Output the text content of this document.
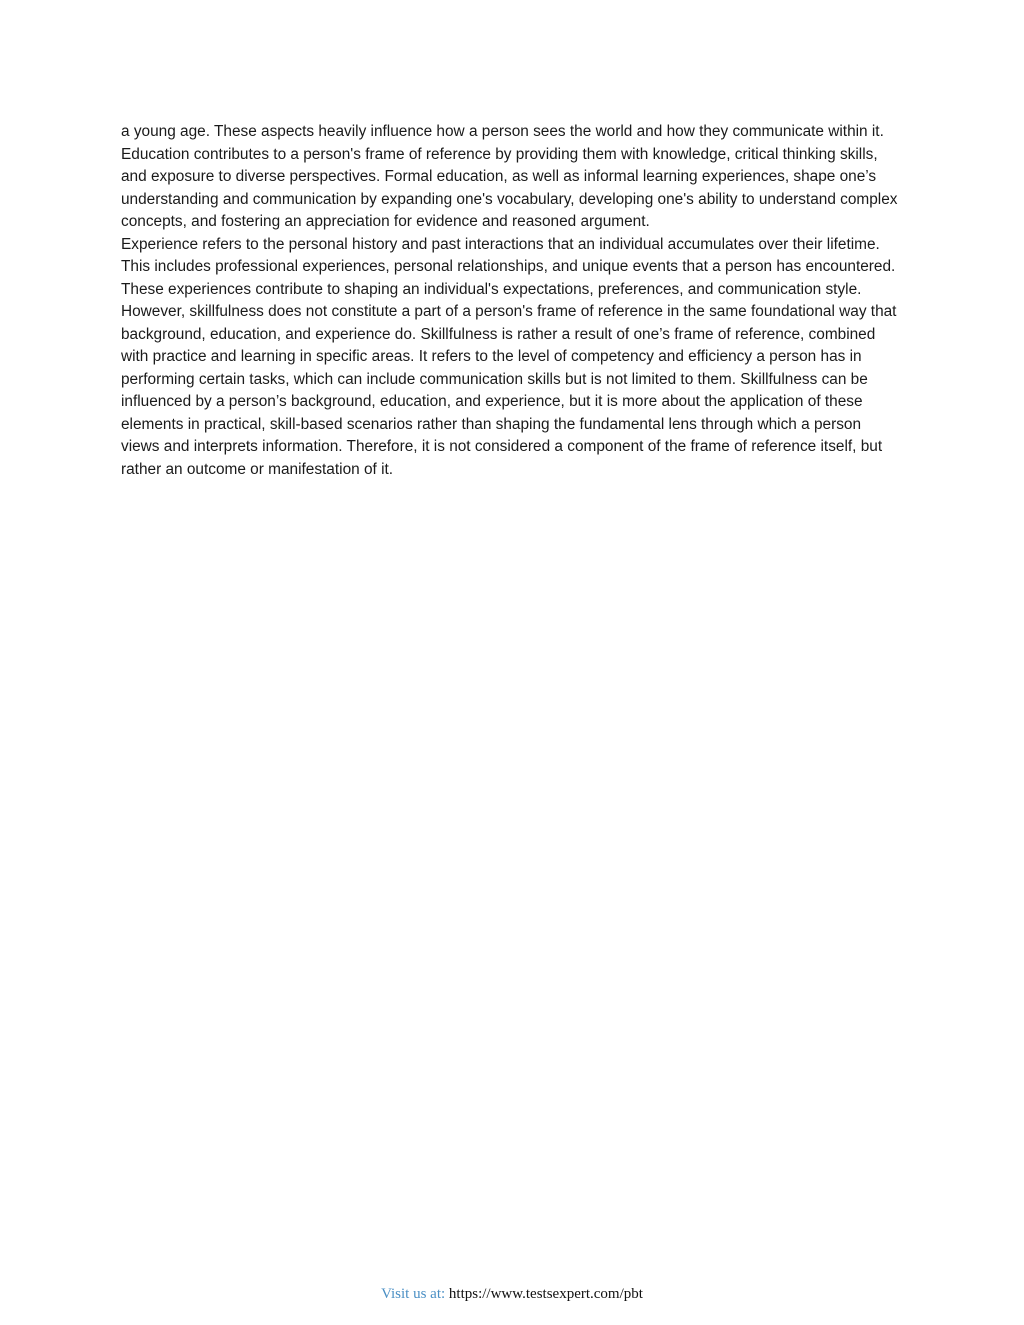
a young age. These aspects heavily influence how a person sees the world and how they communicate within it.

Education contributes to a person's frame of reference by providing them with knowledge, critical thinking skills, and exposure to diverse perspectives. Formal education, as well as informal learning experiences, shape one’s understanding and communication by expanding one's vocabulary, developing one's ability to understand complex concepts, and fostering an appreciation for evidence and reasoned argument.

Experience refers to the personal history and past interactions that an individual accumulates over their lifetime. This includes professional experiences, personal relationships, and unique events that a person has encountered. These experiences contribute to shaping an individual's expectations, preferences, and communication style.

However, skillfulness does not constitute a part of a person's frame of reference in the same foundational way that background, education, and experience do. Skillfulness is rather a result of one’s frame of reference, combined with practice and learning in specific areas. It refers to the level of competency and efficiency a person has in performing certain tasks, which can include communication skills but is not limited to them. Skillfulness can be influenced by a person’s background, education, and experience, but it is more about the application of these elements in practical, skill-based scenarios rather than shaping the fundamental lens through which a person views and interprets information. Therefore, it is not considered a component of the frame of reference itself, but rather an outcome or manifestation of it.

Visit us at: https://www.testsexpert.com/pbt
